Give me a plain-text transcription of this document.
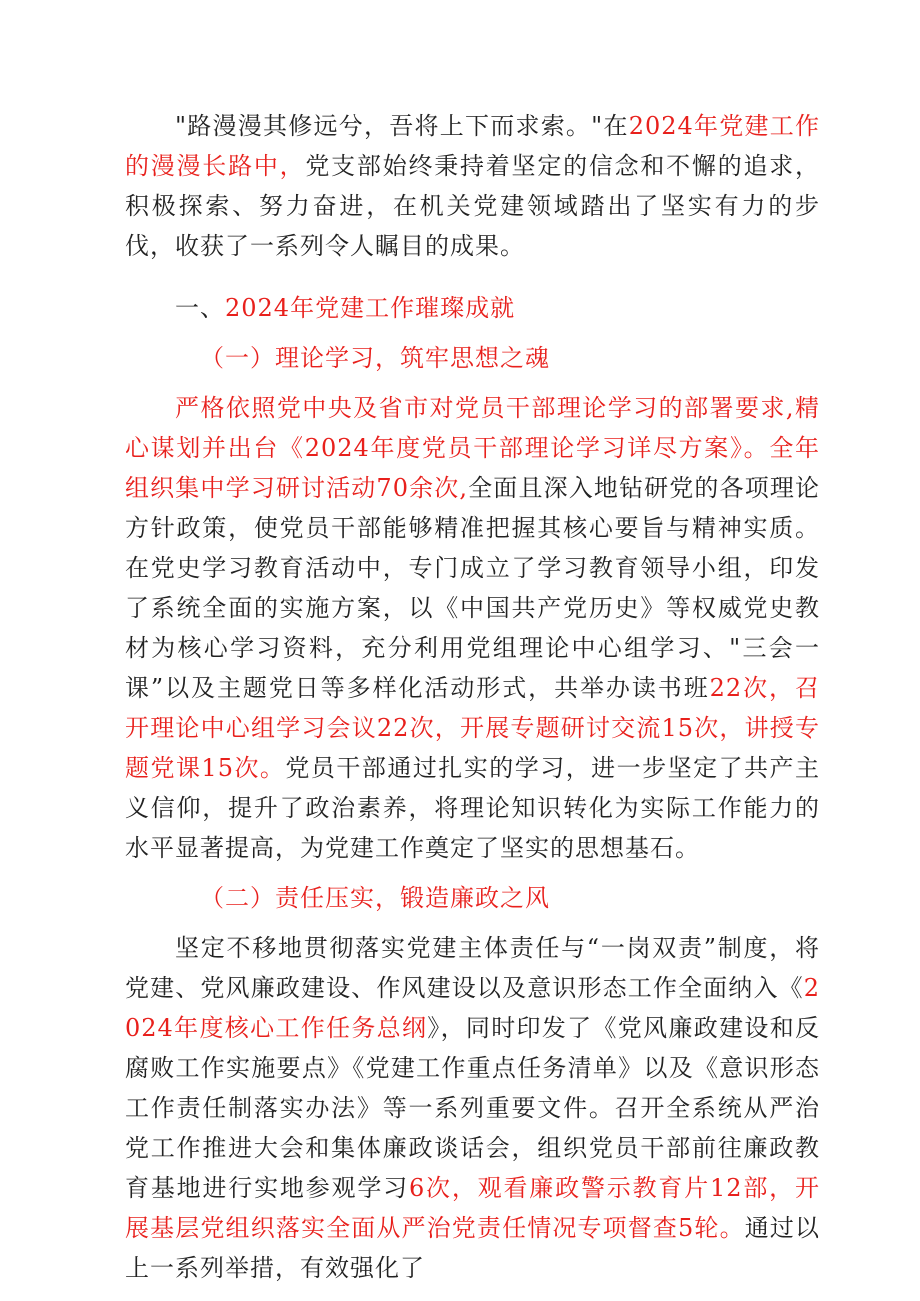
"路漫漫其修远兮，吾将上下而求索。"在2024年党建工作的漫漫长路中，党支部始终秉持着坚定的信念和不懈的追求，积极探索、努力奋进，在机关党建领域踏出了坚实有力的步伐，收获了一系列令人瞩目的成果。

一、2024年党建工作璀璨成就

（一）理论学习，筑牢思想之魂

严格依照党中央及省市对党员干部理论学习的部署要求,精心谋划并出台《2024年度党员干部理论学习详尽方案》。全年组织集中学习研讨活动70余次,全面且深入地钻研党的各项理论方针政策，使党员干部能够精准把握其核心要旨与精神实质。在党史学习教育活动中，专门成立了学习教育领导小组，印发了系统全面的实施方案，以《中国共产党历史》等权威党史教材为核心学习资料，充分利用党组理论中心组学习、"三会一课”以及主题党日等多样化活动形式，共举办读书班22次，召开理论中心组学习会议22次，开展专题研讨交流15次，讲授专题党课15次。党员干部通过扎实的学习，进一步坚定了共产主义信仰，提升了政治素养，将理论知识转化为实际工作能力的水平显著提高，为党建工作奠定了坚实的思想基石。

（二）责任压实，锻造廉政之风

坚定不移地贯彻落实党建主体责任与“一岗双责”制度，将党建、党风廉政建设、作风建设以及意识形态工作全面纳入《2024年度核心工作任务总纲》，同时印发了《党风廉政建设和反腐败工作实施要点》《党建工作重点任务清单》以及《意识形态工作责任制落实办法》等一系列重要文件。召开全系统从严治党工作推进大会和集体廉政谈话会，组织党员干部前往廉政教育基地进行实地参观学习6次，观看廉政警示教育片12部，开展基层党组织落实全面从严治党责任情况专项督查5轮。通过以上一系列举措，有效强化了
